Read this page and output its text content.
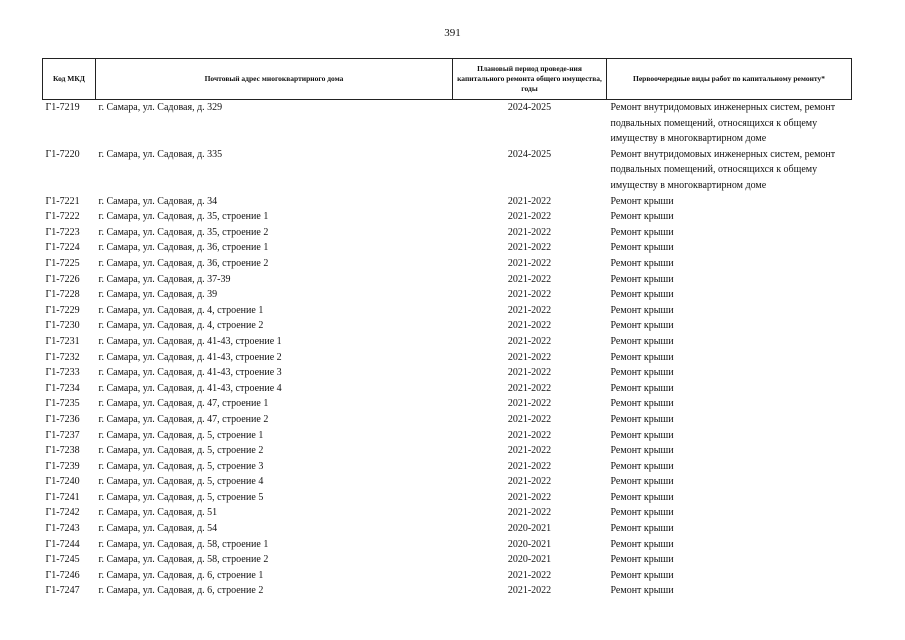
391
Код МКД	Почтовый адрес многоквартирного дома	Плановый период проведе-ния капитального ремонта общего имущества, годы	Первоочередные виды работ по капитальному ремонту*
Г1-7219	г. Самара, ул. Садовая, д. 329	2024-2025	Ремонт внутридомовых инженерных систем, ремонт подвальных помещений, относящихся к общему имуществу в многоквартирном доме
Г1-7220	г. Самара, ул. Садовая, д. 335	2024-2025	Ремонт внутридомовых инженерных систем, ремонт подвальных помещений, относящихся к общему имуществу в многоквартирном доме
Г1-7221	г. Самара, ул. Садовая, д. 34	2021-2022	Ремонт крыши
Г1-7222	г. Самара, ул. Садовая, д. 35, строение 1	2021-2022	Ремонт крыши
Г1-7223	г. Самара, ул. Садовая, д. 35, строение 2	2021-2022	Ремонт крыши
Г1-7224	г. Самара, ул. Садовая, д. 36, строение 1	2021-2022	Ремонт крыши
Г1-7225	г. Самара, ул. Садовая, д. 36, строение 2	2021-2022	Ремонт крыши
Г1-7226	г. Самара, ул. Садовая, д. 37-39	2021-2022	Ремонт крыши
Г1-7228	г. Самара, ул. Садовая, д. 39	2021-2022	Ремонт крыши
Г1-7229	г. Самара, ул. Садовая, д. 4, строение 1	2021-2022	Ремонт крыши
Г1-7230	г. Самара, ул. Садовая, д. 4, строение 2	2021-2022	Ремонт крыши
Г1-7231	г. Самара, ул. Садовая, д. 41-43, строение 1	2021-2022	Ремонт крыши
Г1-7232	г. Самара, ул. Садовая, д. 41-43, строение 2	2021-2022	Ремонт крыши
Г1-7233	г. Самара, ул. Садовая, д. 41-43, строение 3	2021-2022	Ремонт крыши
Г1-7234	г. Самара, ул. Садовая, д. 41-43, строение 4	2021-2022	Ремонт крыши
Г1-7235	г. Самара, ул. Садовая, д. 47, строение 1	2021-2022	Ремонт крыши
Г1-7236	г. Самара, ул. Садовая, д. 47, строение 2	2021-2022	Ремонт крыши
Г1-7237	г. Самара, ул. Садовая, д. 5, строение 1	2021-2022	Ремонт крыши
Г1-7238	г. Самара, ул. Садовая, д. 5, строение 2	2021-2022	Ремонт крыши
Г1-7239	г. Самара, ул. Садовая, д. 5, строение 3	2021-2022	Ремонт крыши
Г1-7240	г. Самара, ул. Садовая, д. 5, строение 4	2021-2022	Ремонт крыши
Г1-7241	г. Самара, ул. Садовая, д. 5, строение 5	2021-2022	Ремонт крыши
Г1-7242	г. Самара, ул. Садовая, д. 51	2021-2022	Ремонт крыши
Г1-7243	г. Самара, ул. Садовая, д. 54	2020-2021	Ремонт крыши
Г1-7244	г. Самара, ул. Садовая, д. 58, строение 1	2020-2021	Ремонт крыши
Г1-7245	г. Самара, ул. Садовая, д. 58, строение 2	2020-2021	Ремонт крыши
Г1-7246	г. Самара, ул. Садовая, д. 6, строение 1	2021-2022	Ремонт крыши
Г1-7247	г. Самара, ул. Садовая, д. 6, строение 2	2021-2022	Ремонт крыши
